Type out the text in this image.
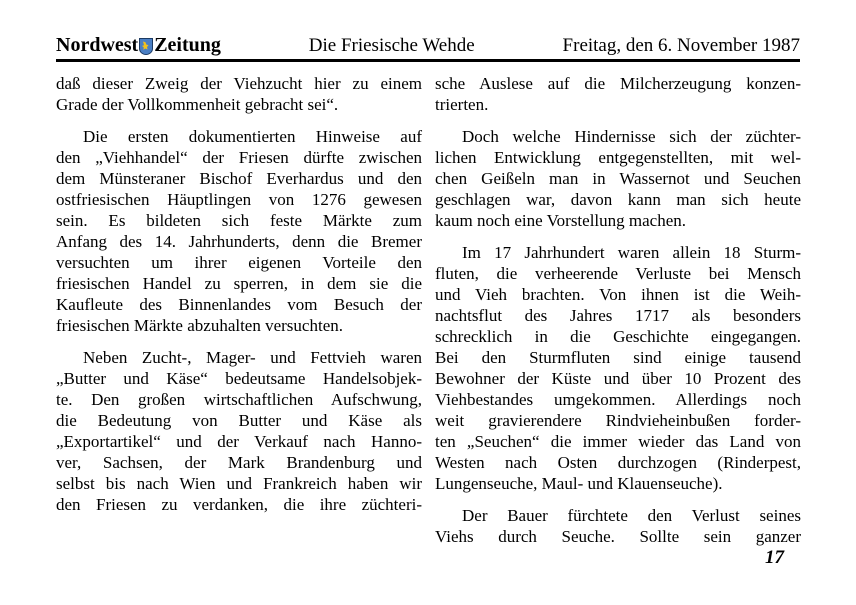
Nordwest Zeitung	Die Friesische Wehde	Freitag, den 6. November 1987

daß dieser Zweig der Viehzucht hier zu einem
Grade der Vollkommenheit gebracht sei“.

Die ersten dokumentierten Hinweise auf
den „Viehhandel“ der Friesen dürfte zwischen
dem Münsteraner Bischof Everhardus und den
ostfriesischen Häuptlingen von 1276 gewesen
sein. Es bildeten sich feste Märkte zum
Anfang des 14. Jahrhunderts, denn die Bremer
versuchten um ihrer eigenen Vorteile den
friesischen Handel zu sperren, in dem sie die
Kaufleute des Binnenlandes vom Besuch der
friesischen Märkte abzuhalten versuchten.

Neben Zucht-, Mager- und Fettvieh waren
„Butter und Käse“ bedeutsame Handelsobjek-
te. Den großen wirtschaftlichen Aufschwung,
die Bedeutung von Butter und Käse als
„Exportartikel“ und der Verkauf nach Hanno-
ver, Sachsen, der Mark Brandenburg und
selbst bis nach Wien und Frankreich haben wir
den Friesen zu verdanken, die ihre züchteri-

sche Auslese auf die Milcherzeugung konzen-
trierten.

Doch welche Hindernisse sich der züchter-
lichen Entwicklung entgegenstellten, mit wel-
chen Geißeln man in Wassernot und Seuchen
geschlagen war, davon kann man sich heute
kaum noch eine Vorstellung machen.

Im 17 Jahrhundert waren allein 18 Sturm-
fluten, die verheerende Verluste bei Mensch
und Vieh brachten. Von ihnen ist die Weih-
nachtsflut des Jahres 1717 als besonders
schrecklich in die Geschichte eingegangen.
Bei den Sturmfluten sind einige tausend
Bewohner der Küste und über 10 Prozent des
Viehbestandes umgekommen. Allerdings noch
weit gravierendere Rindvieheinbußen forder-
ten „Seuchen“ die immer wieder das Land von
Westen nach Osten durchzogen (Rinderpest,
Lungenseuche, Maul- und Klauenseuche).

Der Bauer fürchtete den Verlust seines
Viehs durch Seuche. Sollte sein ganzer

17
